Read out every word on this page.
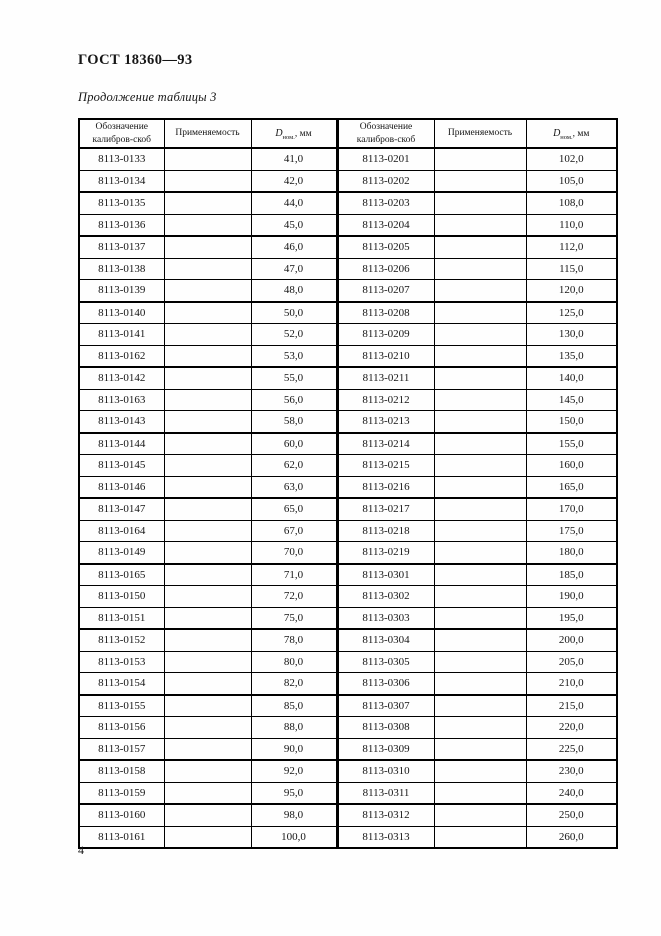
ГОСТ 18360—93
Продолжение таблицы 3
Обозначение калибров-скоб	Применяемость	$D_{ном.}$, мм	Обозначение калибров-скоб	Применяемость	$D_{ном.}$, мм
8113-0133		41,0	8113-0201		102,0
8113-0134		42,0	8113-0202		105,0
8113-0135		44,0	8113-0203		108,0
8113-0136		45,0	8113-0204		110,0
8113-0137		46,0	8113-0205		112,0
8113-0138		47,0	8113-0206		115,0
8113-0139		48,0	8113-0207		120,0
8113-0140		50,0	8113-0208		125,0
8113-0141		52,0	8113-0209		130,0
8113-0162		53,0	8113-0210		135,0
8113-0142		55,0	8113-0211		140,0
8113-0163		56,0	8113-0212		145,0
8113-0143		58,0	8113-0213		150,0
8113-0144		60,0	8113-0214		155,0
8113-0145		62,0	8113-0215		160,0
8113-0146		63,0	8113-0216		165,0
8113-0147		65,0	8113-0217		170,0
8113-0164		67,0	8113-0218		175,0
8113-0149		70,0	8113-0219		180,0
8113-0165		71,0	8113-0301		185,0
8113-0150		72,0	8113-0302		190,0
8113-0151		75,0	8113-0303		195,0
8113-0152		78,0	8113-0304		200,0
8113-0153		80,0	8113-0305		205,0
8113-0154		82,0	8113-0306		210,0
8113-0155		85,0	8113-0307		215,0
8113-0156		88,0	8113-0308		220,0
8113-0157		90,0	8113-0309		225,0
8113-0158		92,0	8113-0310		230,0
8113-0159		95,0	8113-0311		240,0
8113-0160		98,0	8113-0312		250,0
8113-0161		100,0	8113-0313		260,0
4
